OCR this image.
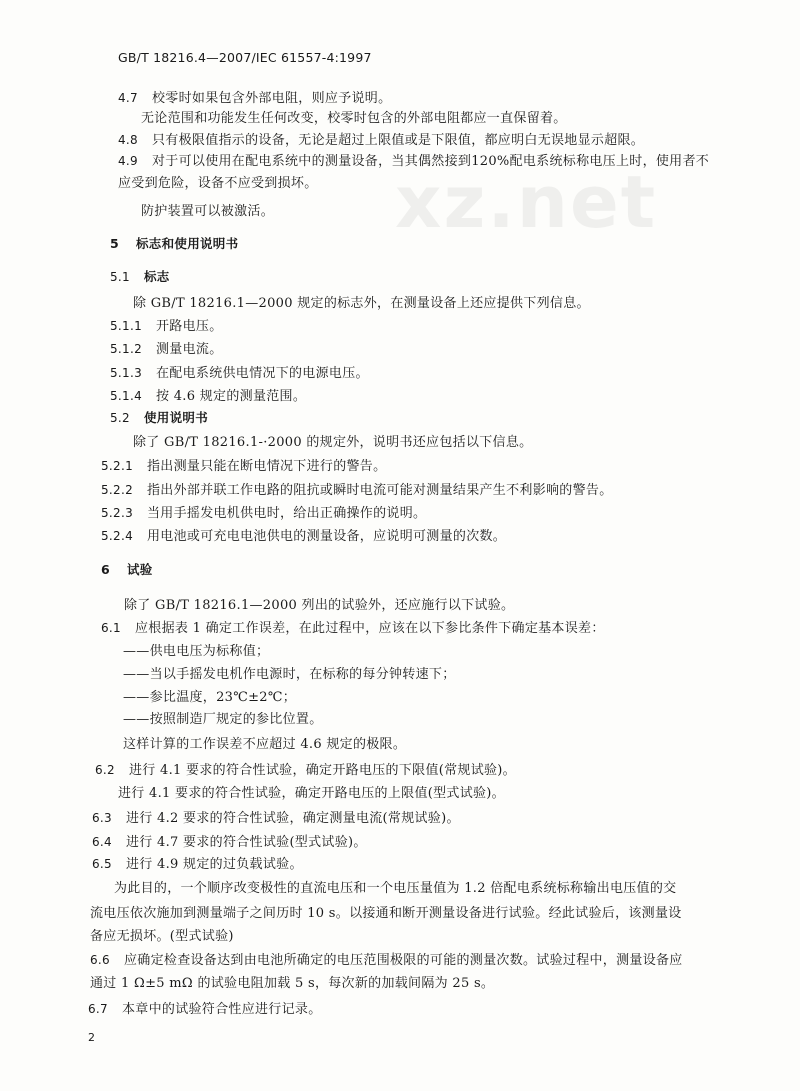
xz.net
GB/T 18216.4—2007/IEC 61557-4:1997
4.7 校零时如果包含外部电阻，则应予说明。
无论范围和功能发生任何改变，校零时包含的外部电阻都应一直保留着。
4.8 只有极限值指示的设备，无论是超过上限值或是下限值，都应明白无误地显示超限。
4.9 对于可以使用在配电系统中的测量设备，当其偶然接到120%配电系统标称电压上时，使用者不
应受到危险，设备不应受到损坏。
防护装置可以被激活。
5 标志和使用说明书
5.1 标志
除 GB/T 18216.1—2000 规定的标志外，在测量设备上还应提供下列信息。
5.1.1 开路电压。
5.1.2 测量电流。
5.1.3 在配电系统供电情况下的电源电压。
5.1.4 按 4.6 规定的测量范围。
5.2 使用说明书
除了 GB/T 18216.1-·2000 的规定外，说明书还应包括以下信息。
5.2.1 指出测量只能在断电情况下进行的警告。
5.2.2 指出外部并联工作电路的阻抗或瞬时电流可能对测量结果产生不利影响的警告。
5.2.3 当用手摇发电机供电时，给出正确操作的说明。
5.2.4 用电池或可充电电池供电的测量设备，应说明可测量的次数。
6 试验
除了 GB/T 18216.1—2000 列出的试验外，还应施行以下试验。
6.1 应根据表 1 确定工作误差，在此过程中，应该在以下参比条件下确定基本误差：
——供电电压为标称值；
——当以手摇发电机作电源时，在标称的每分钟转速下；
——参比温度，23℃±2℃；
——按照制造厂规定的参比位置。
这样计算的工作误差不应超过 4.6 规定的极限。
6.2 进行 4.1 要求的符合性试验，确定开路电压的下限值(常规试验)。
进行 4.1 要求的符合性试验，确定开路电压的上限值(型式试验)。
6.3 进行 4.2 要求的符合性试验，确定测量电流(常规试验)。
6.4 进行 4.7 要求的符合性试验(型式试验)。
6.5 进行 4.9 规定的过负载试验。
为此目的，一个顺序改变极性的直流电压和一个电压量值为 1.2 倍配电系统标称输出电压值的交
流电压依次施加到测量端子之间历时 10 s。以接通和断开测量设备进行试验。经此试验后，该测量设
备应无损坏。(型式试验)
6.6 应确定检查设备达到由电池所确定的电压范围极限的可能的测量次数。试验过程中，测量设备应
通过 1 Ω±5 mΩ 的试验电阻加载 5 s，每次新的加载间隔为 25 s。
6.7 本章中的试验符合性应进行记录。
2
